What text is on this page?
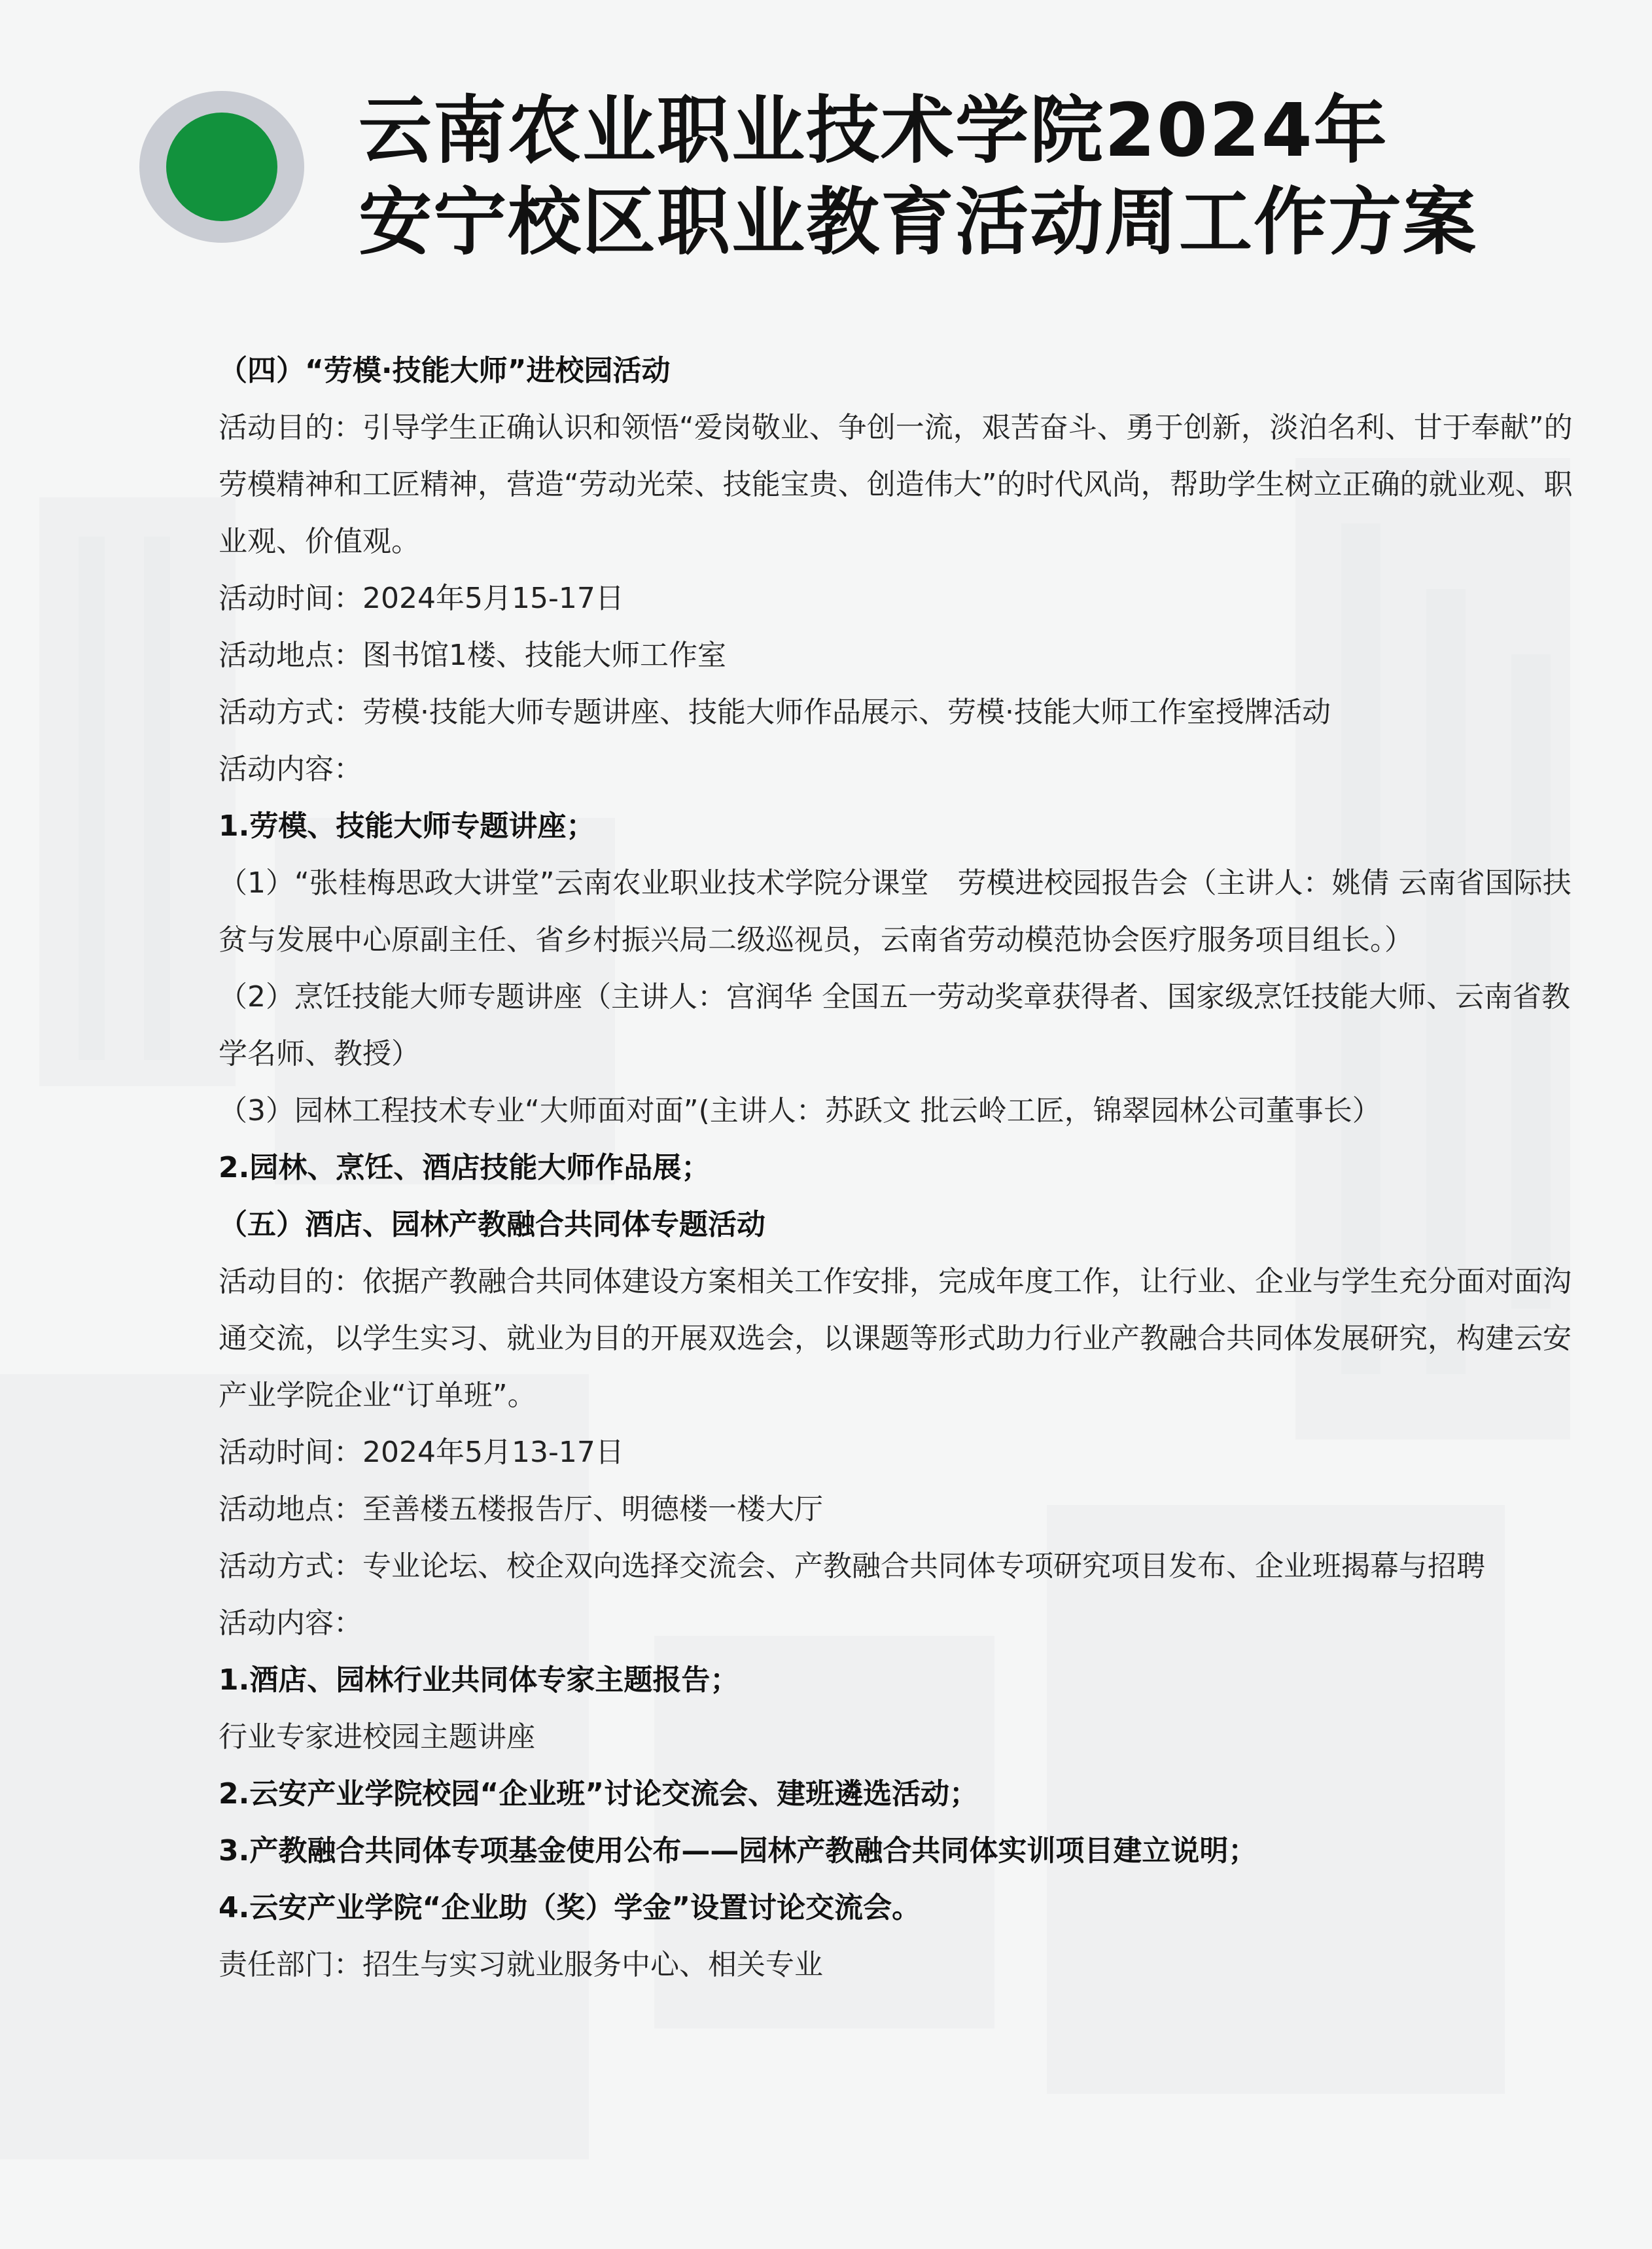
云南农业职业技术学院2024年
安宁校区职业教育活动周工作方案

（四）“劳模·技能大师”进校园活动

活动目的：引导学生正确认识和领悟“爱岗敬业、争创一流，艰苦奋斗、勇于创新，淡泊名利、甘于奉献”的劳模精神和工匠精神，营造“劳动光荣、技能宝贵、创造伟大”的时代风尚，帮助学生树立正确的就业观、职业观、价值观。

活动时间：2024年5月15-17日

活动地点：图书馆1楼、技能大师工作室

活动方式：劳模·技能大师专题讲座、技能大师作品展示、劳模·技能大师工作室授牌活动

活动内容：

1.劳模、技能大师专题讲座；

（1）“张桂梅思政大讲堂”云南农业职业技术学院分课堂　劳模进校园报告会（主讲人：姚倩 云南省国际扶贫与发展中心原副主任、省乡村振兴局二级巡视员，云南省劳动模范协会医疗服务项目组长。）

（2）烹饪技能大师专题讲座（主讲人：宫润华 全国五一劳动奖章获得者、国家级烹饪技能大师、云南省教学名师、教授）

（3）园林工程技术专业“大师面对面”(主讲人：苏跃文 批云岭工匠，锦翠园林公司董事长）

2.园林、烹饪、酒店技能大师作品展；

（五）酒店、园林产教融合共同体专题活动

活动目的：依据产教融合共同体建设方案相关工作安排，完成年度工作，让行业、企业与学生充分面对面沟通交流，以学生实习、就业为目的开展双选会，以课题等形式助力行业产教融合共同体发展研究，构建云安产业学院企业“订单班”。

活动时间：2024年5月13-17日

活动地点：至善楼五楼报告厅、明德楼一楼大厅

活动方式：专业论坛、校企双向选择交流会、产教融合共同体专项研究项目发布、企业班揭幕与招聘

活动内容：

1.酒店、园林行业共同体专家主题报告；

行业专家进校园主题讲座

2.云安产业学院校园“企业班”讨论交流会、建班遴选活动；

3.产教融合共同体专项基金使用公布——园林产教融合共同体实训项目建立说明；

4.云安产业学院“企业助（奖）学金”设置讨论交流会。

责任部门：招生与实习就业服务中心、相关专业
